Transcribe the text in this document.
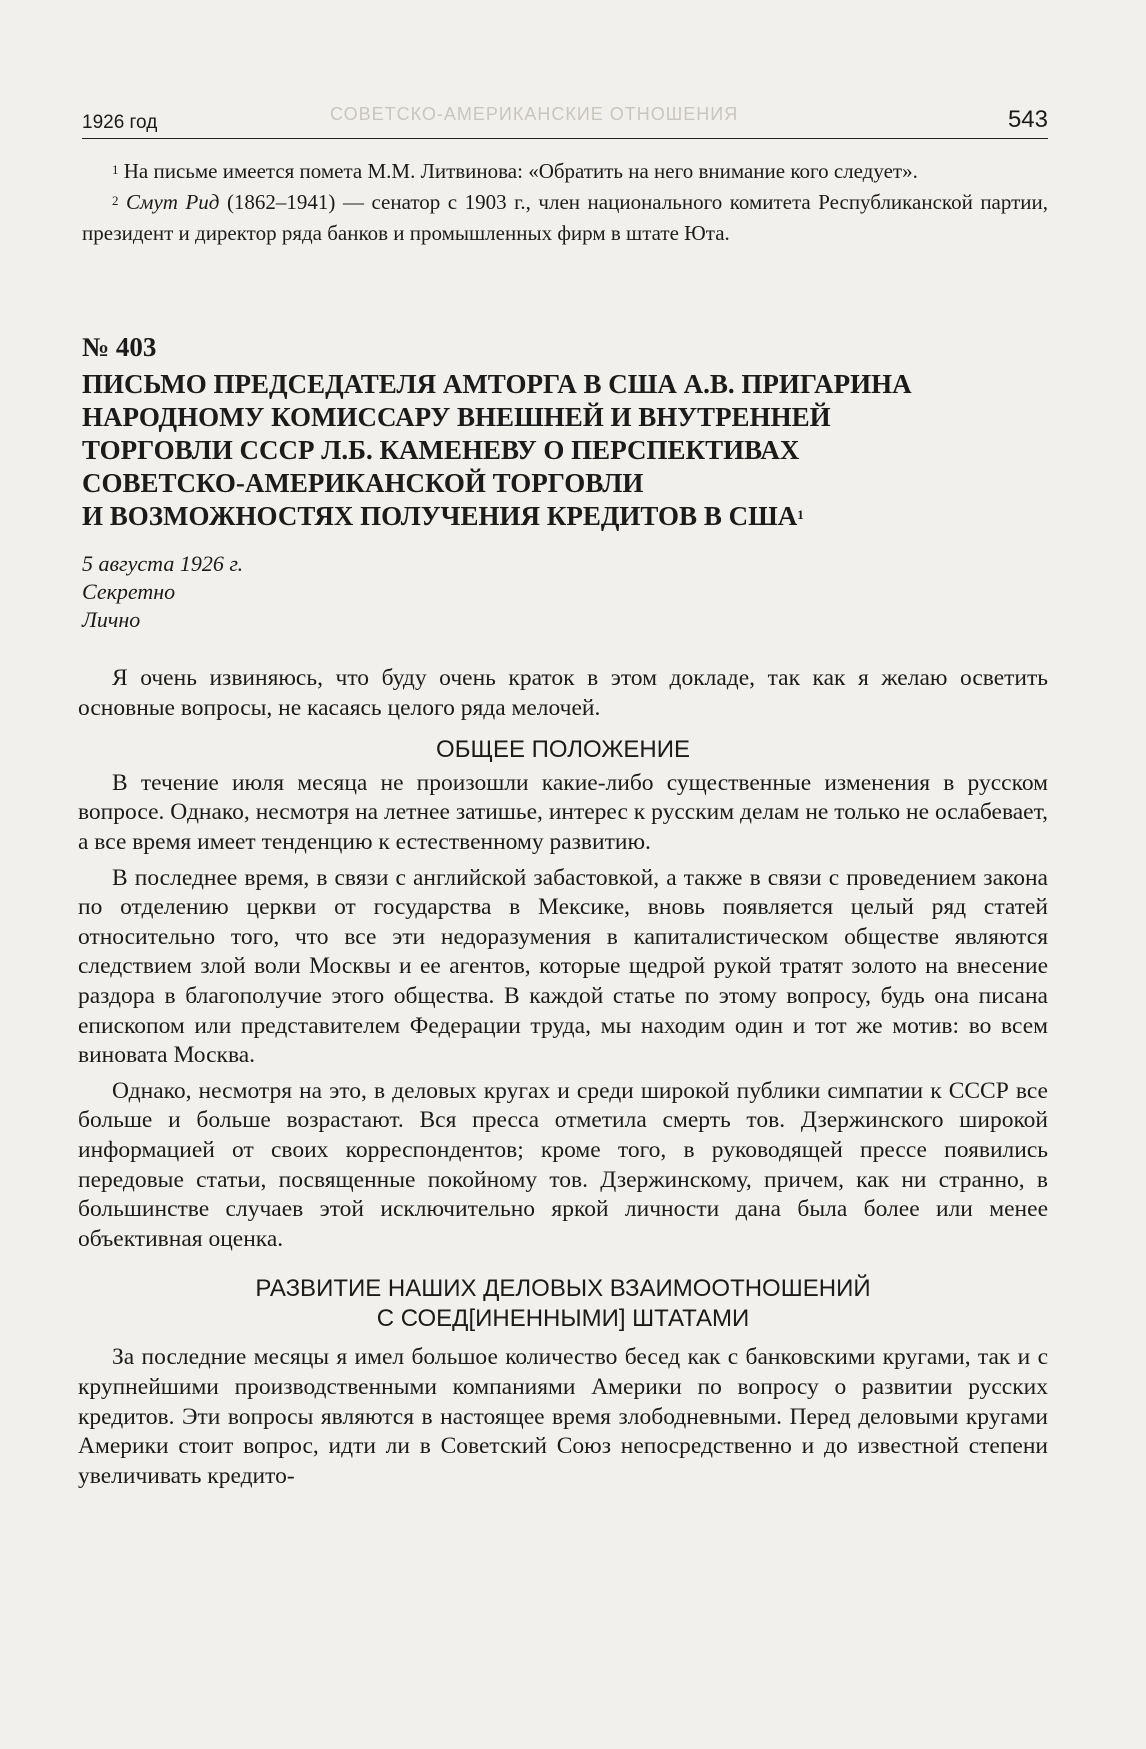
СОВЕТСКО-АМЕРИКАНСКИЕ ОТНОШЕНИЯ
1926 год	543

$^1$ На письме имеется помета М.М. Литвинова: «Обратить на него внимание кого следует».

$^2$ Смут Рид (1862–1941) — сенатор с 1903 г., член национального комитета Республиканской партии, президент и директор ряда банков и промышленных фирм в штате Юта.

№ 403
ПИСЬМО ПРЕДСЕДАТЕЛЯ АМТОРГА В США А.В. ПРИГАРИНА
НАРОДНОМУ КОМИССАРУ ВНЕШНЕЙ И ВНУТРЕННЕЙ
ТОРГОВЛИ СССР Л.Б. КАМЕНЕВУ О ПЕРСПЕКТИВАХ
СОВЕТСКО-АМЕРИКАНСКОЙ ТОРГОВЛИ
И ВОЗМОЖНОСТЯХ ПОЛУЧЕНИЯ КРЕДИТОВ В США$^1$
5 августа 1926 г.
Секретно
Лично

Я очень извиняюсь, что буду очень краток в этом докладе, так как я желаю осветить основные вопросы, не касаясь целого ряда мелочей.

ОБЩЕЕ ПОЛОЖЕНИЕ

В течение июля месяца не произошли какие-либо существенные изменения в русском вопросе. Однако, несмотря на летнее затишье, интерес к русским делам не только не ослабевает, а все время имеет тенденцию к естественному развитию.

В последнее время, в связи с английской забастовкой, а также в связи с проведением закона по отделению церкви от государства в Мексике, вновь появляется целый ряд статей относительно того, что все эти недоразумения в капиталистическом обществе являются следствием злой воли Москвы и ее агентов, которые щедрой рукой тратят золото на внесение раздора в благополучие этого общества. В каждой статье по этому вопросу, будь она писана епископом или представителем Федерации труда, мы находим один и тот же мотив: во всем виновата Москва.

Однако, несмотря на это, в деловых кругах и среди широкой публики симпатии к СССР все больше и больше возрастают. Вся пресса отметила смерть тов. Дзержинского широкой информацией от своих корреспондентов; кроме того, в руководящей прессе появились передовые статьи, посвященные покойному тов. Дзержинскому, причем, как ни странно, в большинстве случаев этой исключительно яркой личности дана была более или менее объективная оценка.

РАЗВИТИЕ НАШИХ ДЕЛОВЫХ ВЗАИМООТНОШЕНИЙ

С СОЕД[ИНЕННЫМИ] ШТАТАМИ

За последние месяцы я имел большое количество бесед как с банковскими кругами, так и с крупнейшими производственными компаниями Америки по вопросу о развитии русских кредитов. Эти вопросы являются в настоящее время злободневными. Перед деловыми кругами Америки стоит вопрос, идти ли в Советский Союз непосредственно и до известной степени увеличивать кредито-
